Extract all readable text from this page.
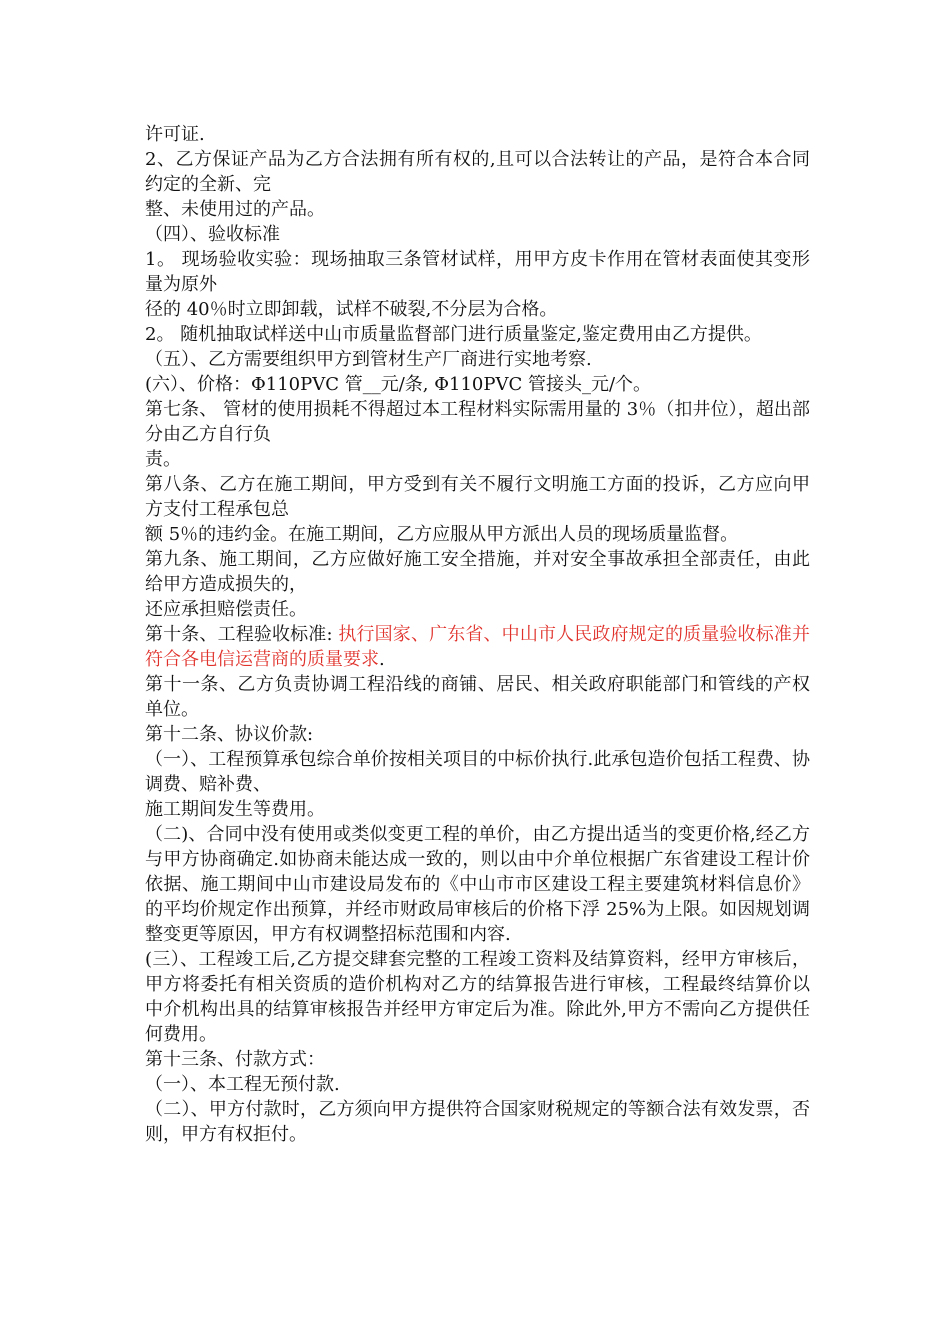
许可证.

2、乙方保证产品为乙方合法拥有所有权的,且可以合法转让的产品，是符合本合同约定的全新、完

整、未使用过的产品。

（四）、验收标准

1。 现场验收实验：现场抽取三条管材试样，用甲方皮卡作用在管材表面使其变形量为原外

径的 40％时立即卸载，试样不破裂,不分层为合格。

2。 随机抽取试样送中山市质量监督部门进行质量鉴定,鉴定费用由乙方提供。

（五）、乙方需要组织甲方到管材生产厂商进行实地考察.

(六）、价格：Φ110PVC 管__元/条, Φ110PVC 管接头_元/个。

第七条、 管材的使用损耗不得超过本工程材料实际需用量的 3％（扣井位），超出部分由乙方自行负

责。

第八条、乙方在施工期间，甲方受到有关不履行文明施工方面的投诉，乙方应向甲方支付工程承包总

额 5％的违约金。在施工期间，乙方应服从甲方派出人员的现场质量监督。

第九条、施工期间，乙方应做好施工安全措施，并对安全事故承担全部责任，由此给甲方造成损失的，

还应承担赔偿责任。

第十条、工程验收标准: 执行国家、广东省、中山市人民政府规定的质量验收标准并符合各电信运营商的质量要求.

第十一条、乙方负责协调工程沿线的商铺、居民、相关政府职能部门和管线的产权单位。

第十二条、协议价款:

（一）、工程预算承包综合单价按相关项目的中标价执行.此承包造价包括工程费、协调费、赔补费、

施工期间发生等费用。

（二)、合同中没有使用或类似变更工程的单价，由乙方提出适当的变更价格,经乙方与甲方协商确定.如协商未能达成一致的，则以由中介单位根据广东省建设工程计价依据、施工期间中山市建设局发布的《中山市市区建设工程主要建筑材料信息价》的平均价规定作出预算，并经市财政局审核后的价格下浮 25%为上限。如因规划调整变更等原因，甲方有权调整招标范围和内容.

(三）、工程竣工后,乙方提交肆套完整的工程竣工资料及结算资料，经甲方审核后，甲方将委托有相关资质的造价机构对乙方的结算报告进行审核，工程最终结算价以中介机构出具的结算审核报告并经甲方审定后为准。除此外,甲方不需向乙方提供任何费用。

第十三条、付款方式：

（一）、本工程无预付款.

（二）、甲方付款时，乙方须向甲方提供符合国家财税规定的等额合法有效发票，否则，甲方有权拒付。
